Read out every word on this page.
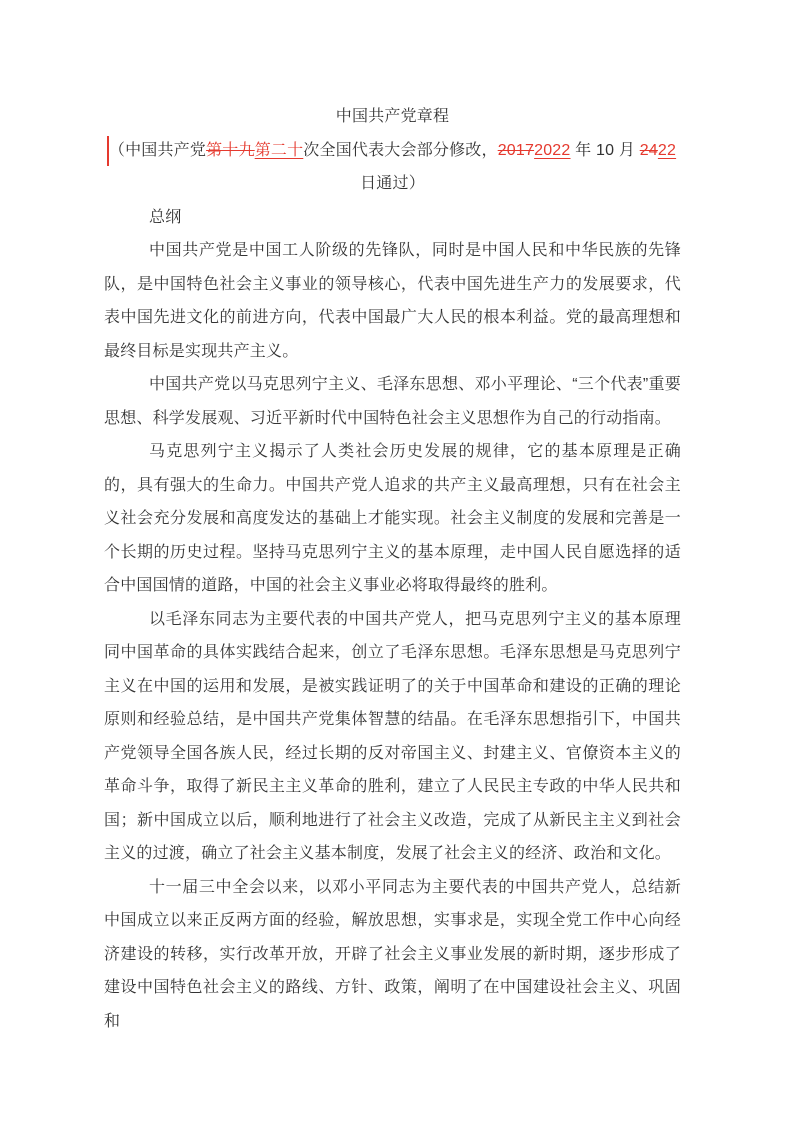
中国共产党章程

（中国共产党第十九第二十次全国代表大会部分修改，20172022 年 10 月 2422

日通过）

总纲

中国共产党是中国工人阶级的先锋队，同时是中国人民和中华民族的先锋队，是中国特色社会主义事业的领导核心，代表中国先进生产力的发展要求，代表中国先进文化的前进方向，代表中国最广大人民的根本利益。党的最高理想和最终目标是实现共产主义。

中国共产党以马克思列宁主义、毛泽东思想、邓小平理论、“三个代表”重要思想、科学发展观、习近平新时代中国特色社会主义思想作为自己的行动指南。

马克思列宁主义揭示了人类社会历史发展的规律，它的基本原理是正确的，具有强大的生命力。中国共产党人追求的共产主义最高理想，只有在社会主义社会充分发展和高度发达的基础上才能实现。社会主义制度的发展和完善是一个长期的历史过程。坚持马克思列宁主义的基本原理，走中国人民自愿选择的适合中国国情的道路，中国的社会主义事业必将取得最终的胜利。

以毛泽东同志为主要代表的中国共产党人，把马克思列宁主义的基本原理同中国革命的具体实践结合起来，创立了毛泽东思想。毛泽东思想是马克思列宁主义在中国的运用和发展，是被实践证明了的关于中国革命和建设的正确的理论原则和经验总结，是中国共产党集体智慧的结晶。在毛泽东思想指引下，中国共产党领导全国各族人民，经过长期的反对帝国主义、封建主义、官僚资本主义的革命斗争，取得了新民主主义革命的胜利，建立了人民民主专政的中华人民共和国；新中国成立以后，顺利地进行了社会主义改造，完成了从新民主主义到社会主义的过渡，确立了社会主义基本制度，发展了社会主义的经济、政治和文化。

十一届三中全会以来，以邓小平同志为主要代表的中国共产党人，总结新中国成立以来正反两方面的经验，解放思想，实事求是，实现全党工作中心向经济建设的转移，实行改革开放，开辟了社会主义事业发展的新时期，逐步形成了建设中国特色社会主义的路线、方针、政策，阐明了在中国建设社会主义、巩固和
